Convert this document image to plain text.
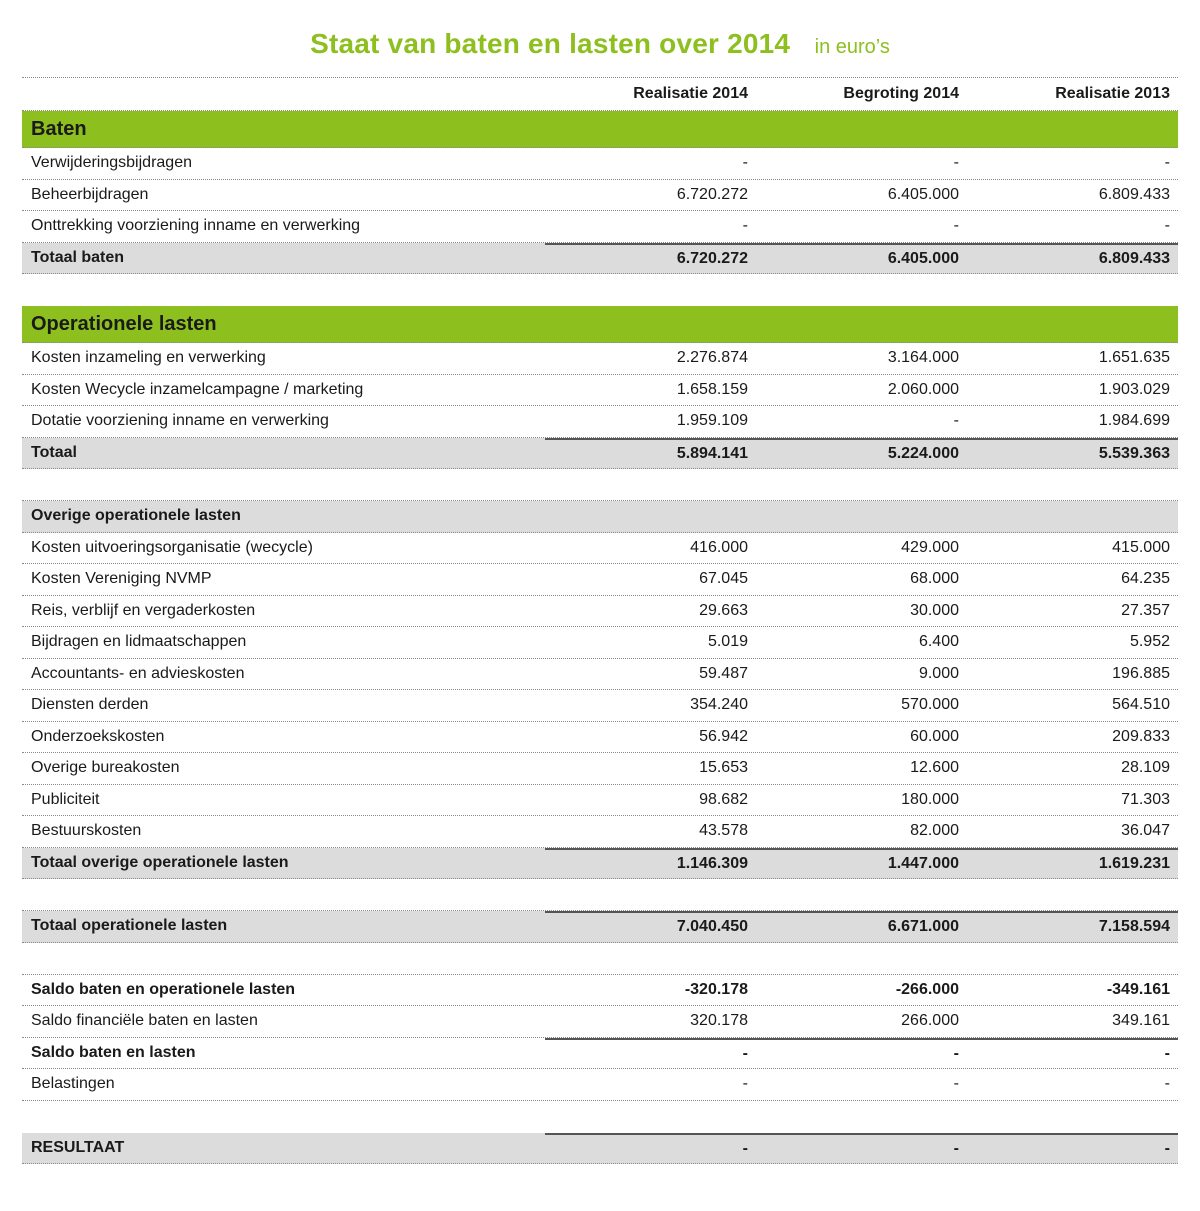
Staat van baten en lasten over 2014 in euro’s
Realisatie 2014	Begroting 2014	Realisatie 2013
Baten
Verwijderingsbijdragen	-	-	-
Beheerbijdragen	6.720.272	6.405.000	6.809.433
Onttrekking voorziening inname en verwerking	-	-	-
Totaal baten	6.720.272	6.405.000	6.809.433
Operationele lasten
Kosten inzameling en verwerking	2.276.874	3.164.000	1.651.635
Kosten Wecycle inzamelcampagne / marketing	1.658.159	2.060.000	1.903.029
Dotatie voorziening inname en verwerking	1.959.109	-	1.984.699
Totaal	5.894.141	5.224.000	5.539.363
Overige operationele lasten
Kosten uitvoeringsorganisatie (wecycle)	416.000	429.000	415.000
Kosten Vereniging NVMP	67.045	68.000	64.235
Reis, verblijf en vergaderkosten	29.663	30.000	27.357
Bijdragen en lidmaatschappen	5.019	6.400	5.952
Accountants- en advieskosten	59.487	9.000	196.885
Diensten derden	354.240	570.000	564.510
Onderzoekskosten	56.942	60.000	209.833
Overige bureakosten	15.653	12.600	28.109
Publiciteit	98.682	180.000	71.303
Bestuurskosten	43.578	82.000	36.047
Totaal overige operationele lasten	1.146.309	1.447.000	1.619.231
Totaal operationele lasten	7.040.450	6.671.000	7.158.594
Saldo baten en operationele lasten	-320.178	-266.000	-349.161
Saldo financiële baten en lasten	320.178	266.000	349.161
Saldo baten en lasten	-	-	-
Belastingen	-	-	-
RESULTAAT	-	-	-
